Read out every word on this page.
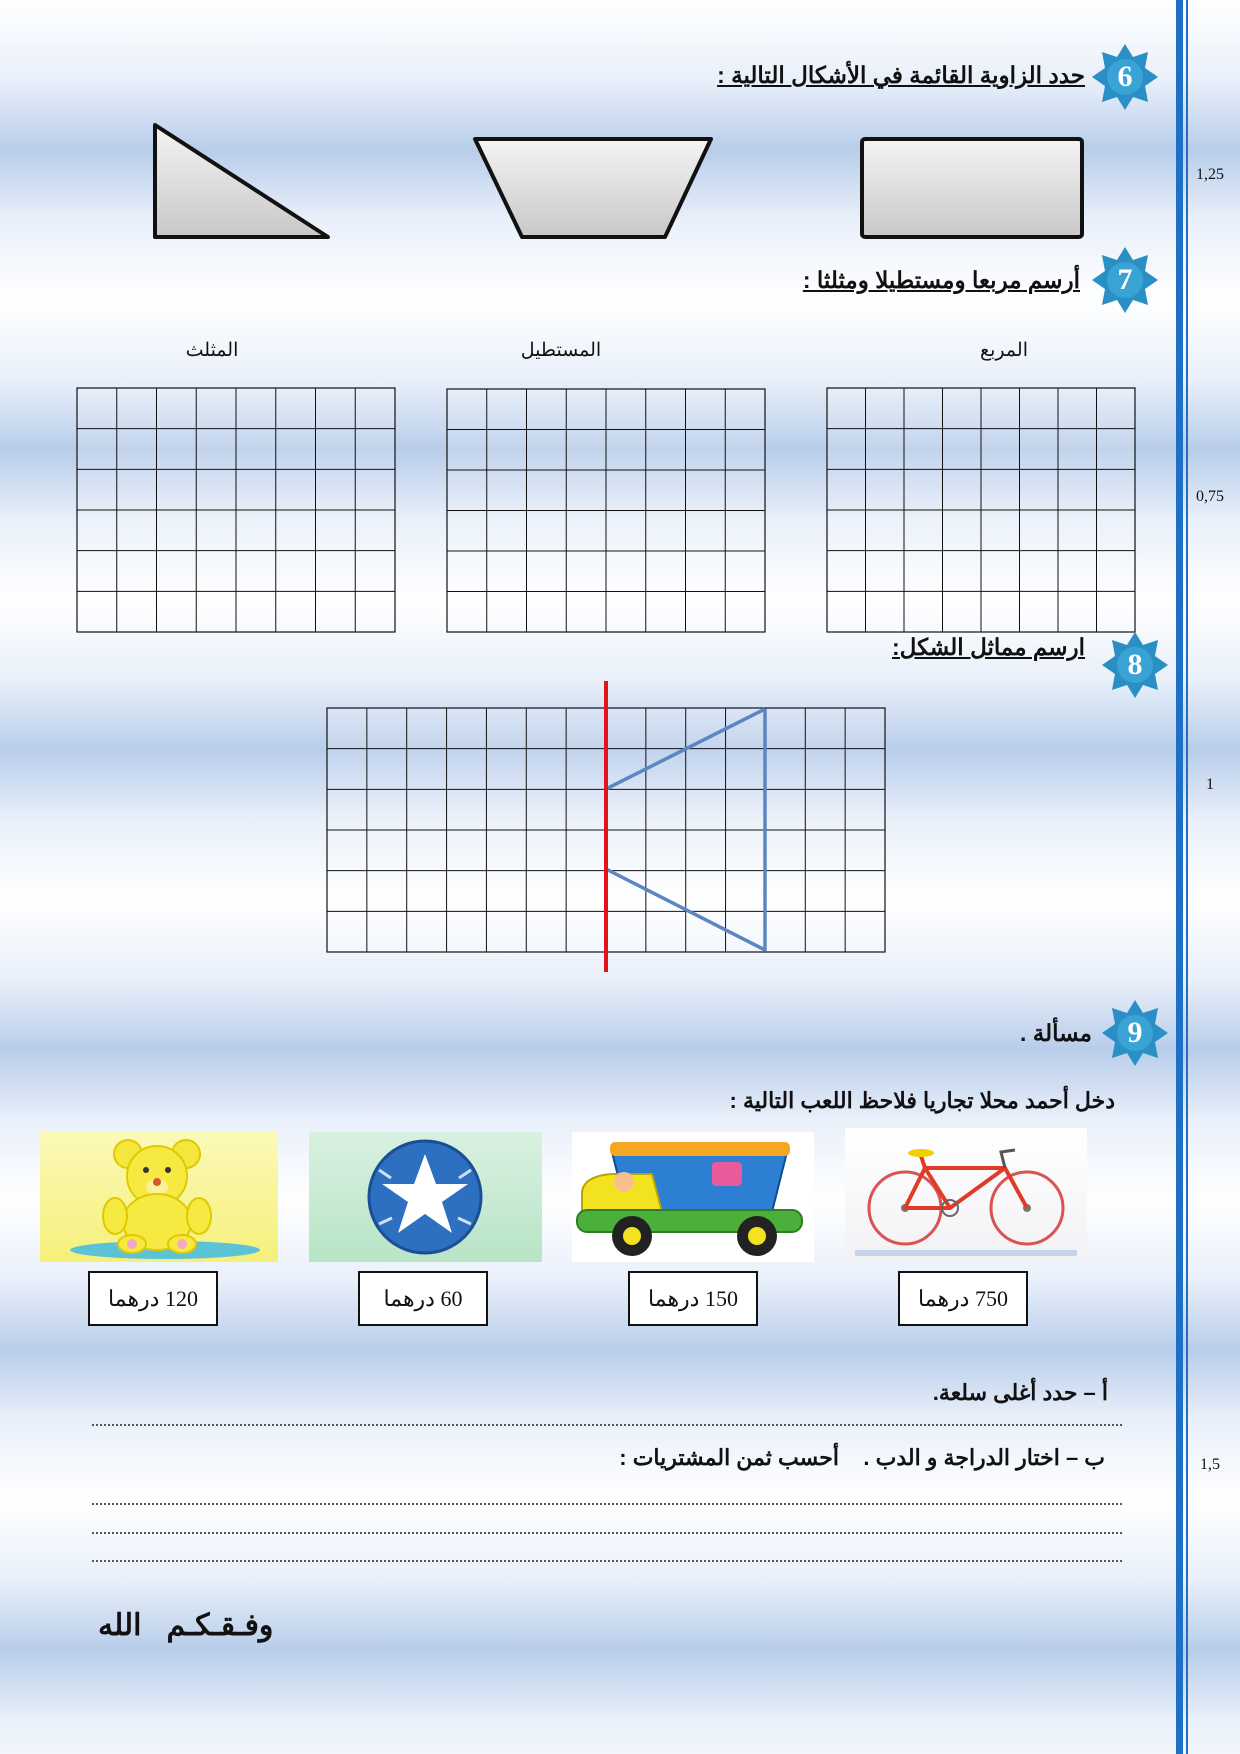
1,25
0,75
1
1,5
6
حدد الزاوية القائمة في الأشكال التالية :
7
أرسم مربعا ومستطيلا ومثلثا :
المربع
المستطيل
المثلث
8
ارسم مماثل الشكل:
9
مسألة .
دخل أحمد محلا تجاريا فلاحظ اللعب التالية :
750 درهما
150 درهما
60 درهما
120 درهما
أ – حدد أغلى سلعة.
ب – اختار الدراجة و الدب .    أحسب ثمن المشتريات :
وفـقـكـم   الله
